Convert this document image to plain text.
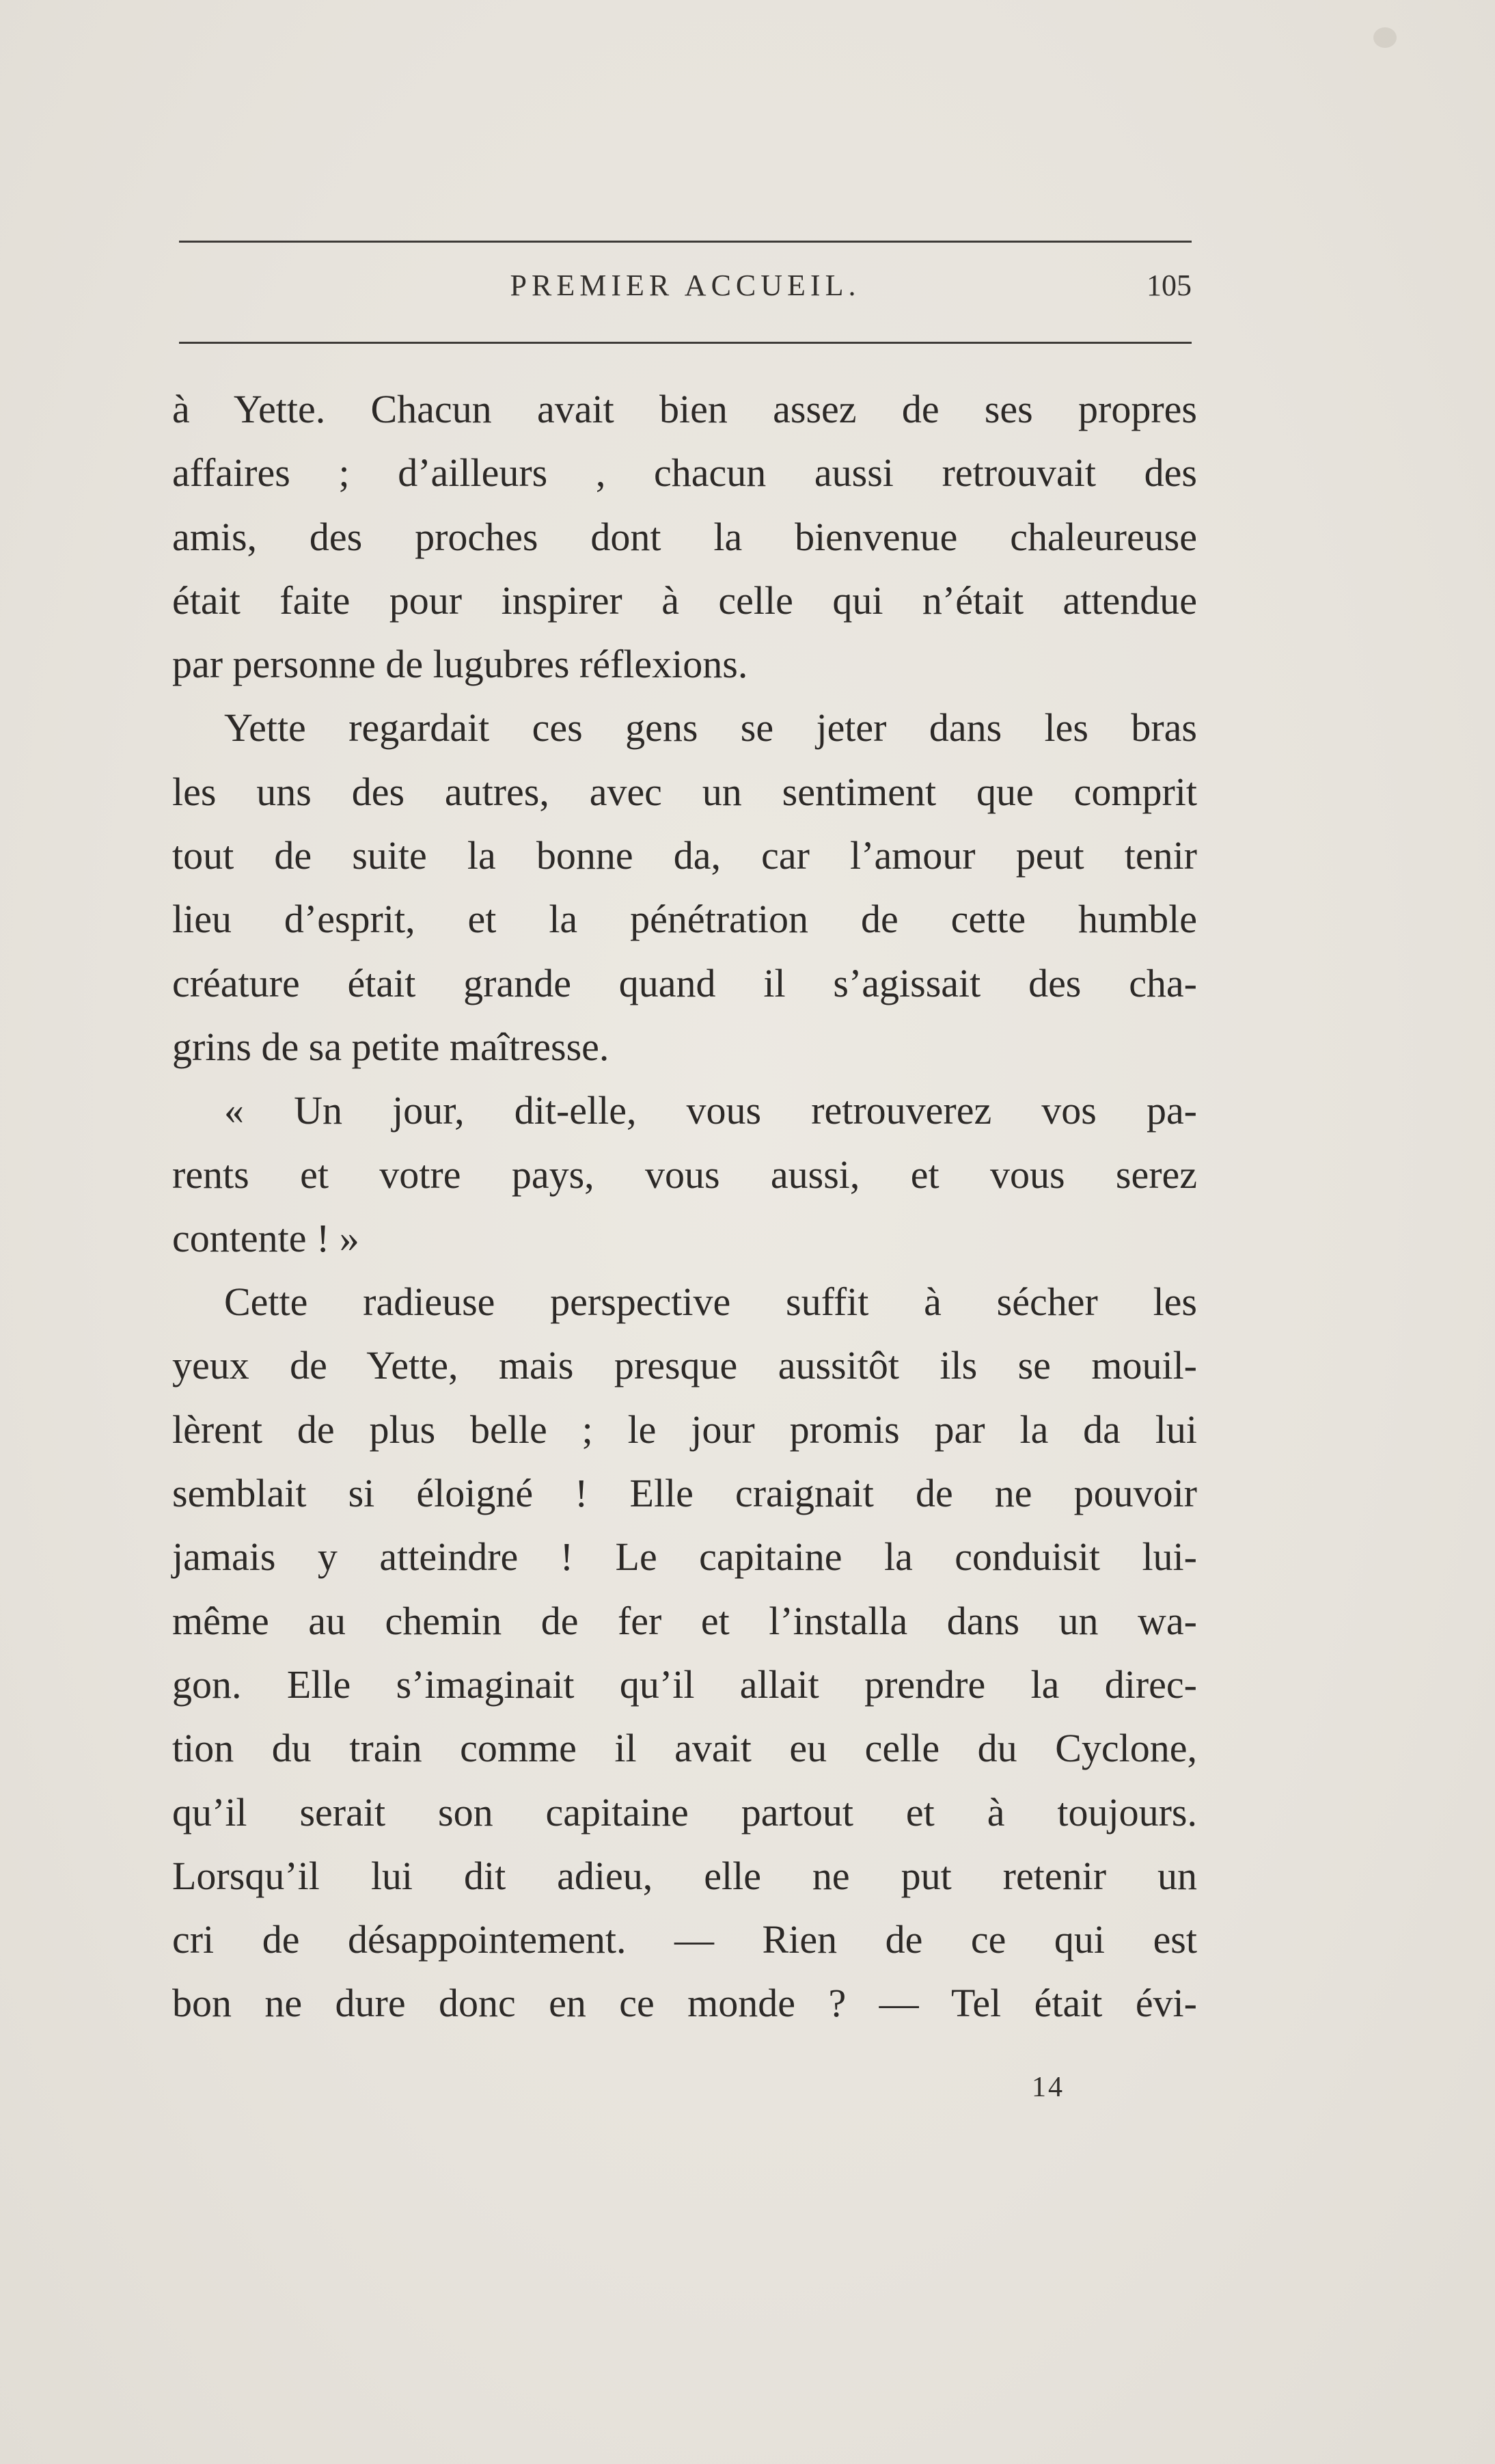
PREMIER ACCUEIL.	105
à Yette. Chacun avait bien assez de ses propres
affaires ; d’ailleurs , chacun aussi retrouvait des
amis, des proches dont la bienvenue chaleureuse
était faite pour inspirer à celle qui n’était attendue
par personne de lugubres réflexions.
Yette regardait ces gens se jeter dans les bras
les uns des autres, avec un sentiment que comprit
tout de suite la bonne da, car l’amour peut tenir
lieu d’esprit, et la pénétration de cette humble
créature était grande quand il s’agissait des cha-
grins de sa petite maîtresse.
« Un jour, dit-elle, vous retrouverez vos pa-
rents et votre pays, vous aussi, et vous serez
contente ! »
Cette radieuse perspective suffit à sécher les
yeux de Yette, mais presque aussitôt ils se mouil-
lèrent de plus belle ; le jour promis par la da lui
semblait si éloigné ! Elle craignait de ne pouvoir
jamais y atteindre ! Le capitaine la conduisit lui-
même au chemin de fer et l’installa dans un wa-
gon. Elle s’imaginait qu’il allait prendre la direc-
tion du train comme il avait eu celle du Cyclone,
qu’il serait son capitaine partout et à toujours.
Lorsqu’il lui dit adieu, elle ne put retenir un
cri de désappointement. — Rien de ce qui est
bon ne dure donc en ce monde ? — Tel était évi-
14
